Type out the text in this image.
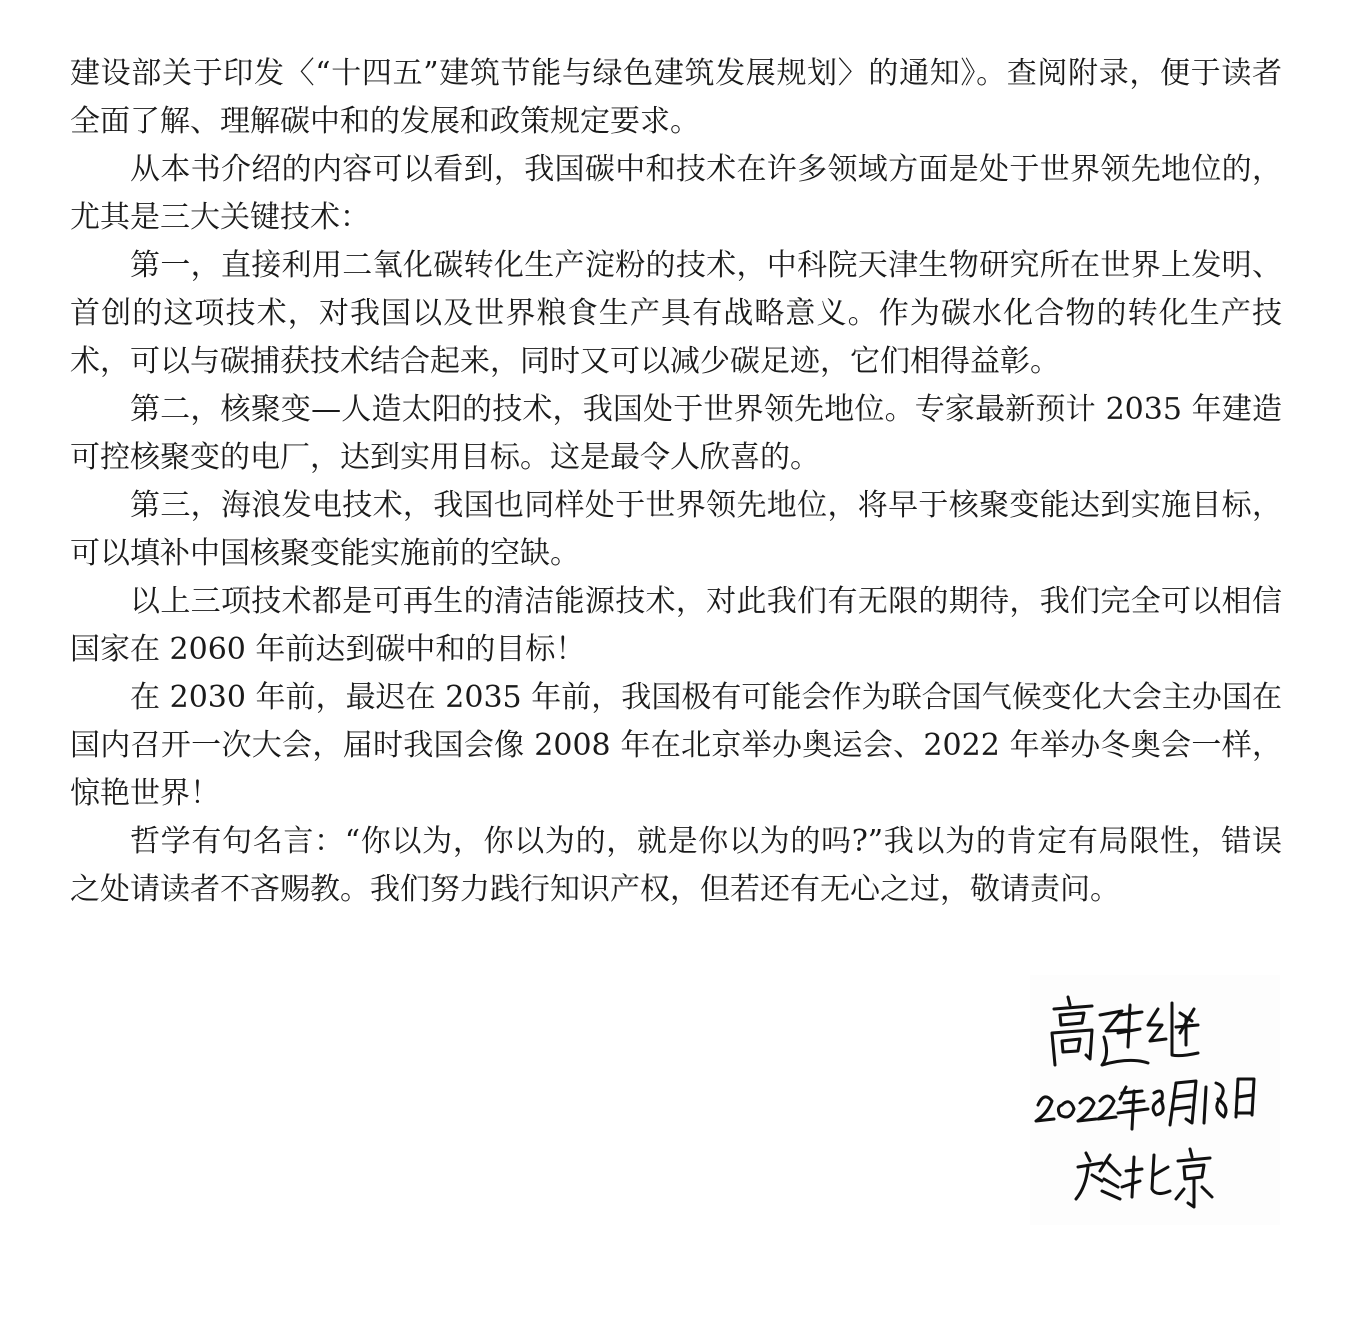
建设部关于印发〈“十四五”建筑节能与绿色建筑发展规划〉的通知》。查阅附录，便于读者全面了解、理解碳中和的发展和政策规定要求。

从本书介绍的内容可以看到，我国碳中和技术在许多领域方面是处于世界领先地位的，尤其是三大关键技术：

第一，直接利用二氧化碳转化生产淀粉的技术，中科院天津生物研究所在世界上发明、首创的这项技术，对我国以及世界粮食生产具有战略意义。作为碳水化合物的转化生产技术，可以与碳捕获技术结合起来，同时又可以减少碳足迹，它们相得益彰。

第二，核聚变—人造太阳的技术，我国处于世界领先地位。专家最新预计 2035 年建造可控核聚变的电厂，达到实用目标。这是最令人欣喜的。

第三，海浪发电技术，我国也同样处于世界领先地位，将早于核聚变能达到实施目标，可以填补中国核聚变能实施前的空缺。

以上三项技术都是可再生的清洁能源技术，对此我们有无限的期待，我们完全可以相信国家在 2060 年前达到碳中和的目标！

在 2030 年前，最迟在 2035 年前，我国极有可能会作为联合国气候变化大会主办国在国内召开一次大会，届时我国会像 2008 年在北京举办奥运会、2022 年举办冬奥会一样，惊艳世界！

哲学有句名言：“你以为，你以为的，就是你以为的吗?”我以为的肯定有局限性，错误之处请读者不吝赐教。我们努力践行知识产权，但若还有无心之过，敬请责问。
